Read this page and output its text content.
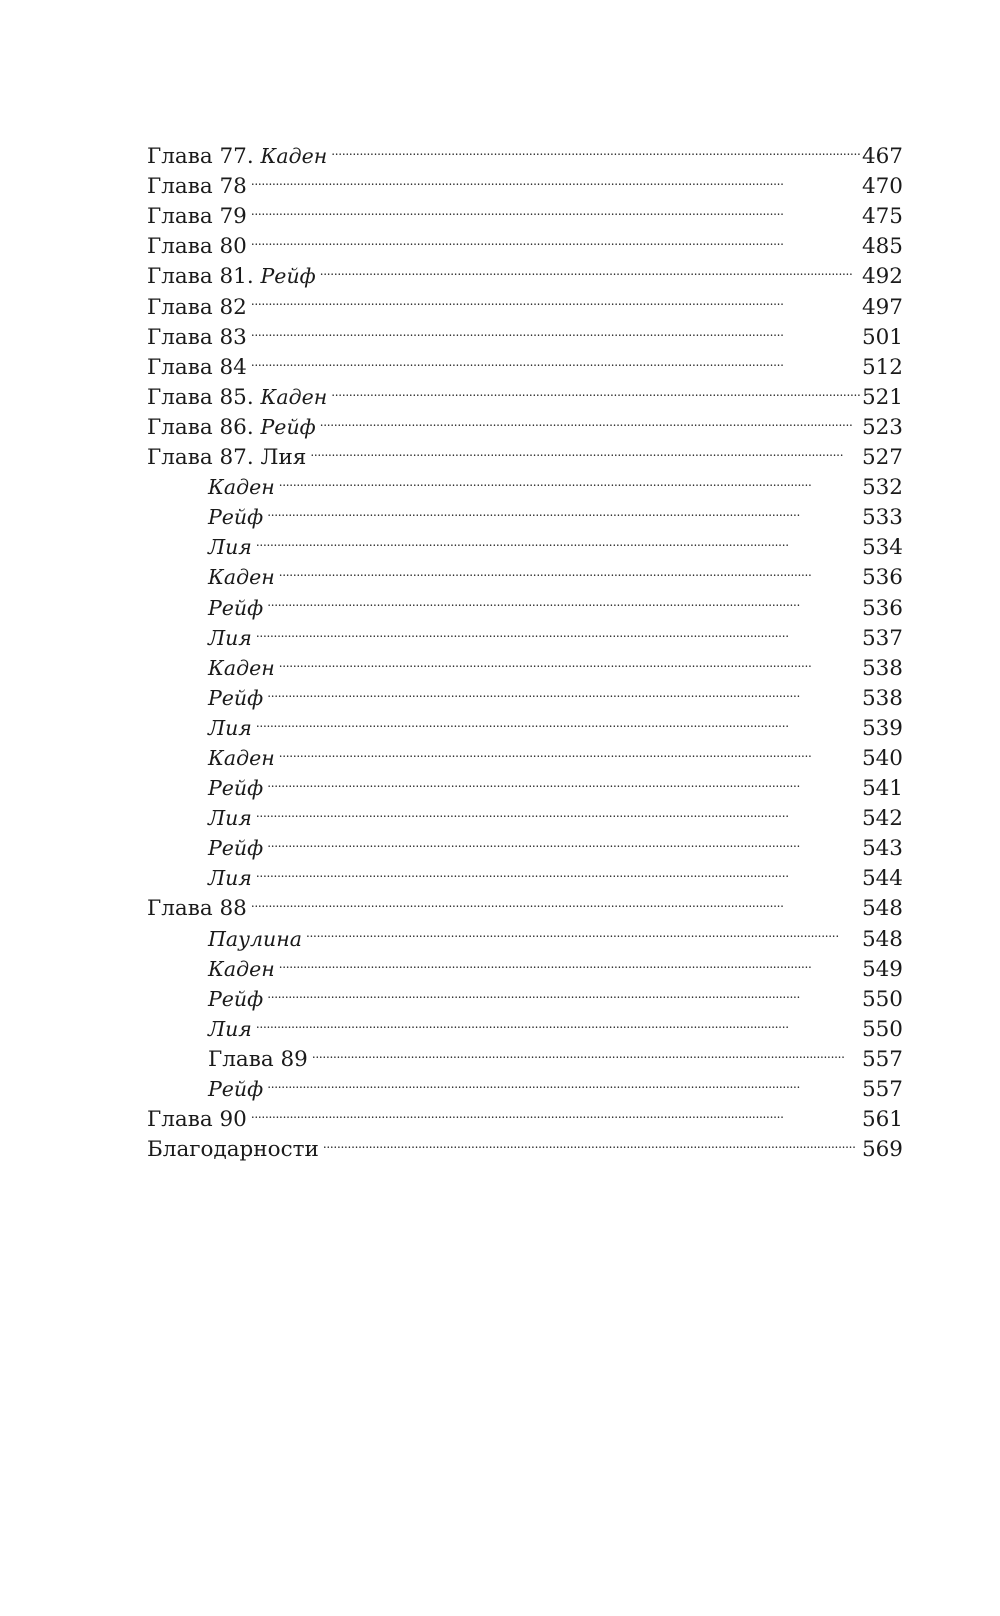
Глава 77. Каден . . .	467
Глава 78 . . .	470
Глава 79 . . .	475
Глава 80 . . .	485
Глава 81. Рейф . . .	492
Глава 82 . . .	497
Глава 83 . . .	501
Глава 84 . . .	512
Глава 85. Каден . . .	521
Глава 86. Рейф . . .	523
Глава 87. Лия . . .	527
Каден . . .	532
Рейф . . .	533
Лия . . .	534
Каден . . .	536
Рейф . . .	536
Лия . . .	537
Каден . . .	538
Рейф . . .	538
Лия . . .	539
Каден . . .	540
Рейф . . .	541
Лия . . .	542
Рейф . . .	543
Лия . . .	544
Глава 88 . . .	548
Паулина . . .	548
Каден . . .	549
Рейф . . .	550
Лия . . .	550
Глава 89 . . .	557
Рейф . . .	557
Глава 90 . . .	561
Благодарности . . .	569
